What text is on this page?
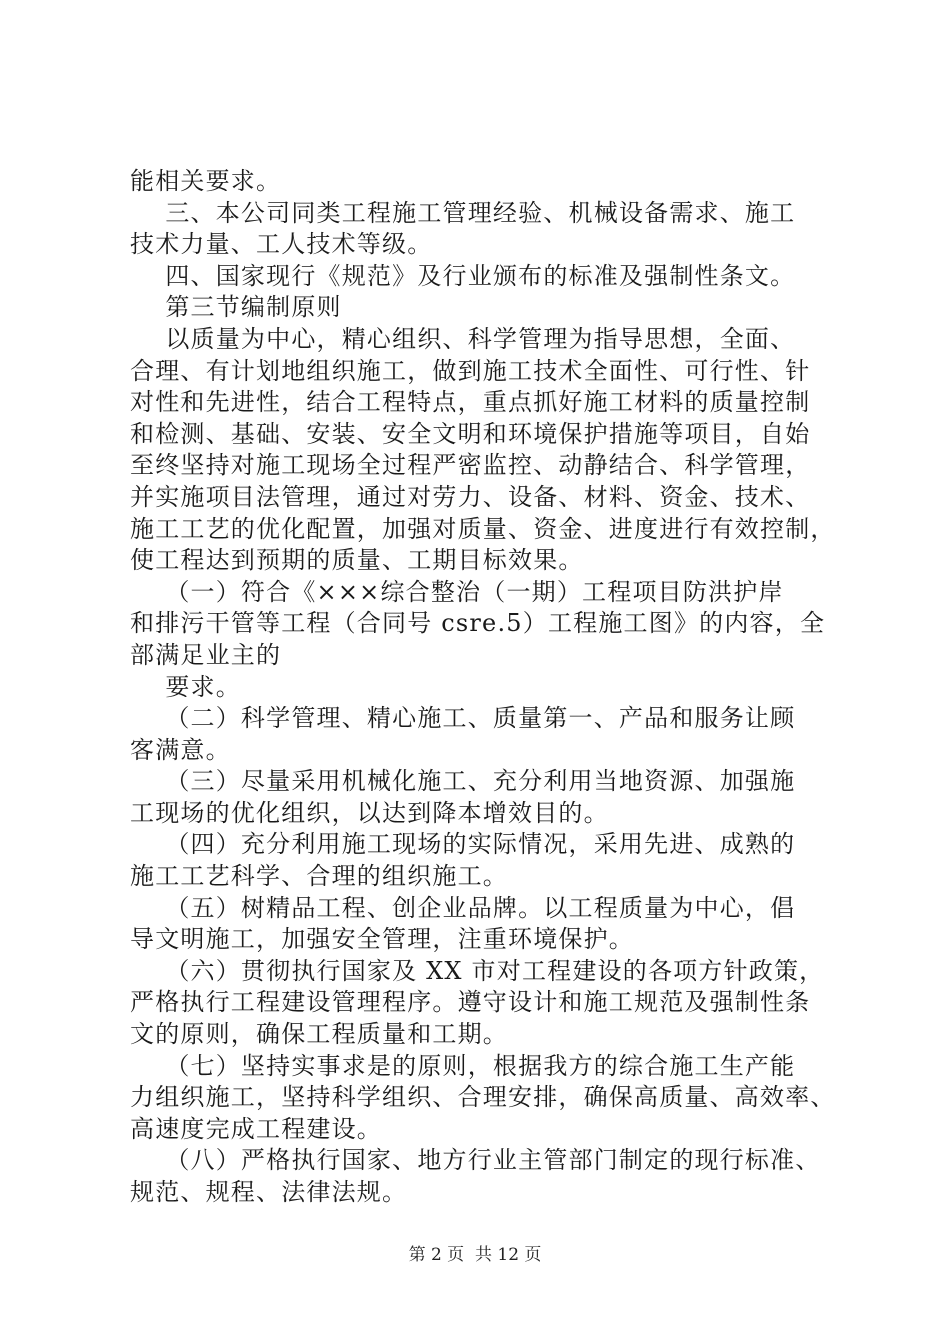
能相关要求。
三、本公司同类工程施工管理经验、机械设备需求、施工
技术力量、工人技术等级。
四、国家现行《规范》及行业颁布的标准及强制性条文。
第三节编制原则
以质量为中心，精心组织、科学管理为指导思想，全面、
合理、有计划地组织施工，做到施工技术全面性、可行性、针
对性和先进性，结合工程特点，重点抓好施工材料的质量控制
和检测、基础、安装、安全文明和环境保护措施等项目，自始
至终坚持对施工现场全过程严密监控、动静结合、科学管理，
并实施项目法管理，通过对劳力、设备、材料、资金、技术、
施工工艺的优化配置，加强对质量、资金、进度进行有效控制，
使工程达到预期的质量、工期目标效果。
（一）符合《×××综合整治（一期）工程项目防洪护岸
和排污干管等工程（合同号 csre.5）工程施工图》的内容，全
部满足业主的
要求。
（二）科学管理、精心施工、质量第一、产品和服务让顾
客满意。
（三）尽量采用机械化施工、充分利用当地资源、加强施
工现场的优化组织，以达到降本增效目的。
（四）充分利用施工现场的实际情况，采用先进、成熟的
施工工艺科学、合理的组织施工。
（五）树精品工程、创企业品牌。以工程质量为中心，倡
导文明施工，加强安全管理，注重环境保护。
（六）贯彻执行国家及 XX 市对工程建设的各项方针政策，
严格执行工程建设管理程序。遵守设计和施工规范及强制性条
文的原则，确保工程质量和工期。
（七）坚持实事求是的原则，根据我方的综合施工生产能
力组织施工，坚持科学组织、合理安排，确保高质量、高效率、
高速度完成工程建设。
（八）严格执行国家、地方行业主管部门制定的现行标准、
规范、规程、法律法规。
第 2 页  共 12 页
